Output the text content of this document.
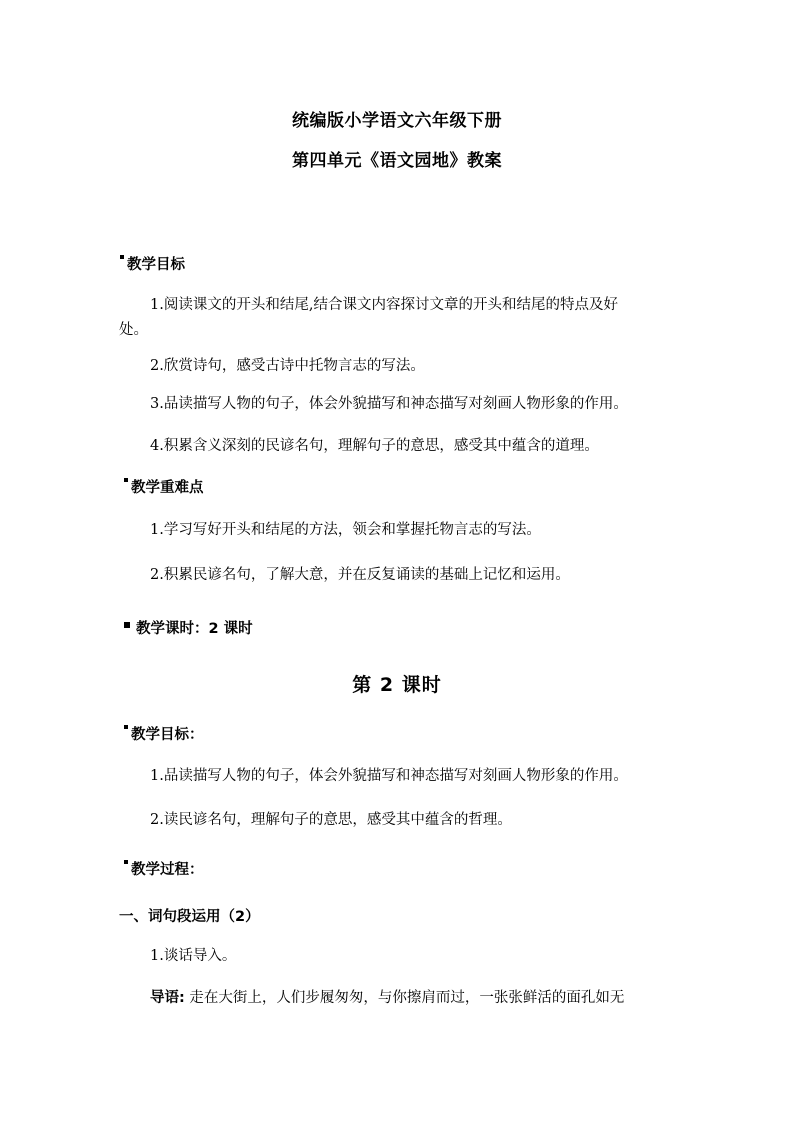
统编版小学语文六年级下册
第四单元《语文园地》教案
教学目标
1.阅读课文的开头和结尾,结合课文内容探讨文章的开头和结尾的特点及好
处。
2.欣赏诗句，感受古诗中托物言志的写法。
3.品读描写人物的句子，体会外貌描写和神态描写对刻画人物形象的作用。
4.积累含义深刻的民谚名句，理解句子的意思，感受其中蕴含的道理。
教学重难点
1.学习写好开头和结尾的方法，领会和掌握托物言志的写法。
2.积累民谚名句，了解大意，并在反复诵读的基础上记忆和运用。
教学课时：2 课时
第 2 课时
教学目标：
1.品读描写人物的句子，体会外貌描写和神态描写对刻画人物形象的作用。
2.读民谚名句，理解句子的意思，感受其中蕴含的哲理。
教学过程：
一、词句段运用（2）
1.谈话导入。
导语: 走在大街上，人们步履匆匆，与你擦肩而过，一张张鲜活的面孔如无
